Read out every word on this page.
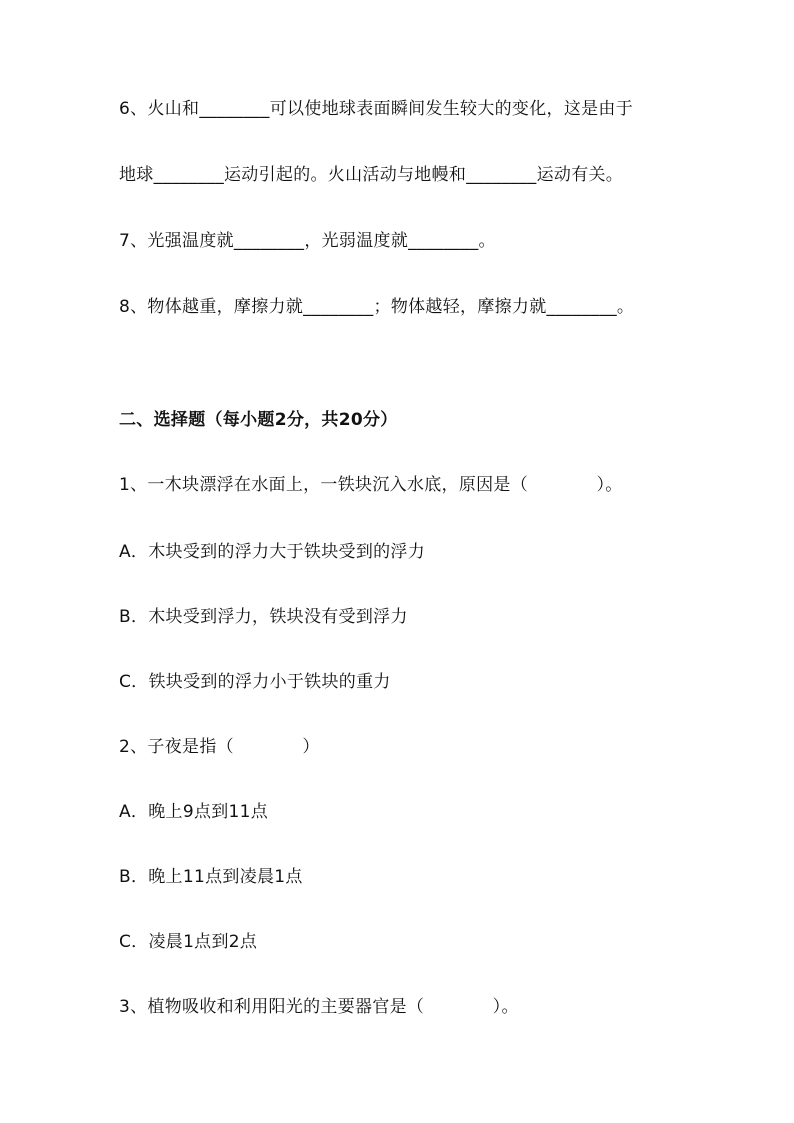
6、火山和________可以使地球表面瞬间发生较大的变化，这是由于
地球________运动引起的。火山活动与地幔和________运动有关。
7、光强温度就________，光弱温度就________。
8、物体越重，摩擦力就________；物体越轻，摩擦力就________。
二、选择题（每小题2分，共20分）
1、一木块漂浮在水面上，一铁块沉入水底，原因是（            ）。
A．木块受到的浮力大于铁块受到的浮力
B．木块受到浮力，铁块没有受到浮力
C．铁块受到的浮力小于铁块的重力
2、子夜是指（            ）
A．晚上9点到11点
B．晚上11点到凌晨1点
C．凌晨1点到2点
3、植物吸收和利用阳光的主要器官是（            ）。
